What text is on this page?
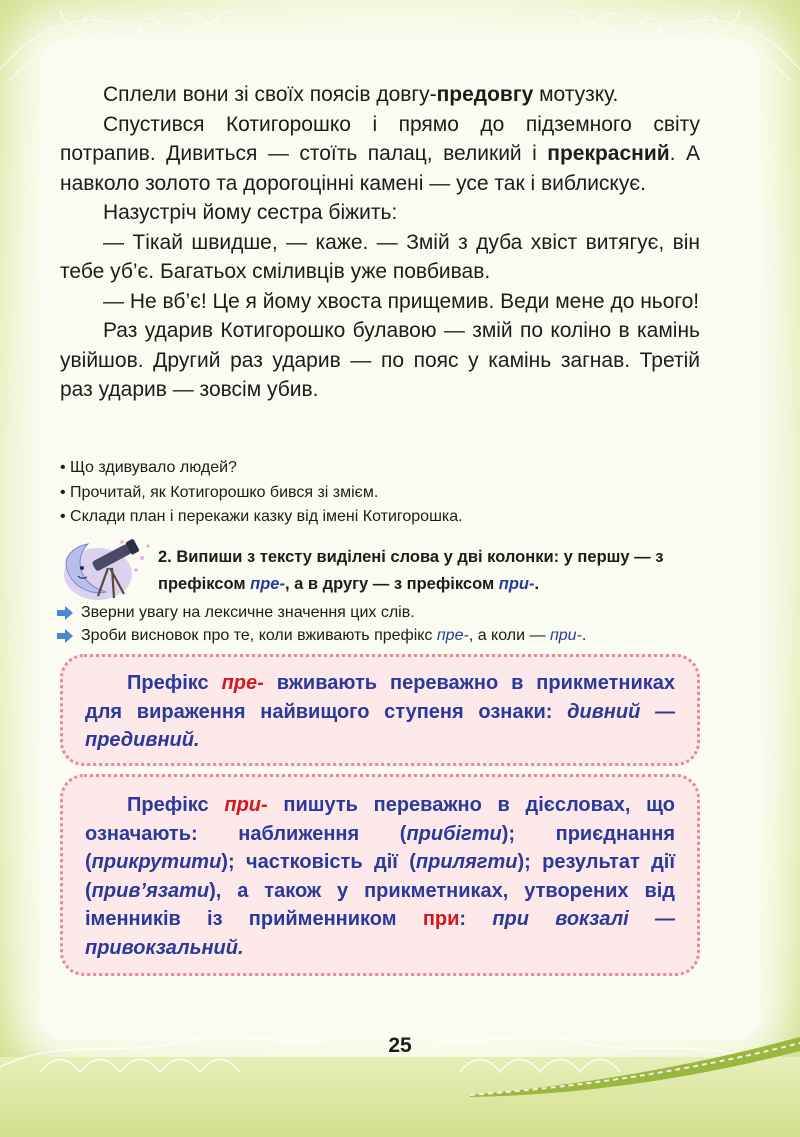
Сплели вони зі своїх поясів довгу-предовгу мотузку.

Спустився Котигорошко і прямо до підземного світу потрапив. Дивиться — стоїть палац, великий і прекрасний. А навколо золото та дорогоцінні камені — усе так і виблискує.

Назустріч йому сестра біжить:

— Тікай швидше, — каже. — Змій з дуба хвіст витягує, він тебе уб’є. Багатьох сміливців уже повбивав.

— Не вб’є! Це я йому хвоста прищемив. Веди мене до нього!

Раз ударив Котигорошко булавою — змій по коліно в камінь увійшов. Другий раз ударив — по пояс у камінь загнав. Третій раз ударив — зовсім убив.

• Що здивувало людей?
• Прочитай, як Котигорошко бився зі змієм.
• Склади план і перекажи казку від імені Котигорошка.
2. Випиши з тексту виділені слова у дві колонки: у першу — з префіксом пре-, а в другу — з префіксом при-.
Зверни увагу на лексичне значення цих слів.
Зроби висновок про те, коли вживають префікс пре-, а коли — при-.

Префікс пре- вживають переважно в прикметниках для вираження найвищого ступеня ознаки: дивний — предивний.

Префікс при- пишуть переважно в дієсловах, що означають: наближення (прибігти); приєднання (прикрутити); частковість дії (прилягти); результат дії (прив’язати), а також у прикметниках, утворених від іменників із прийменником при: при вокзалі — привокзальний.

25
